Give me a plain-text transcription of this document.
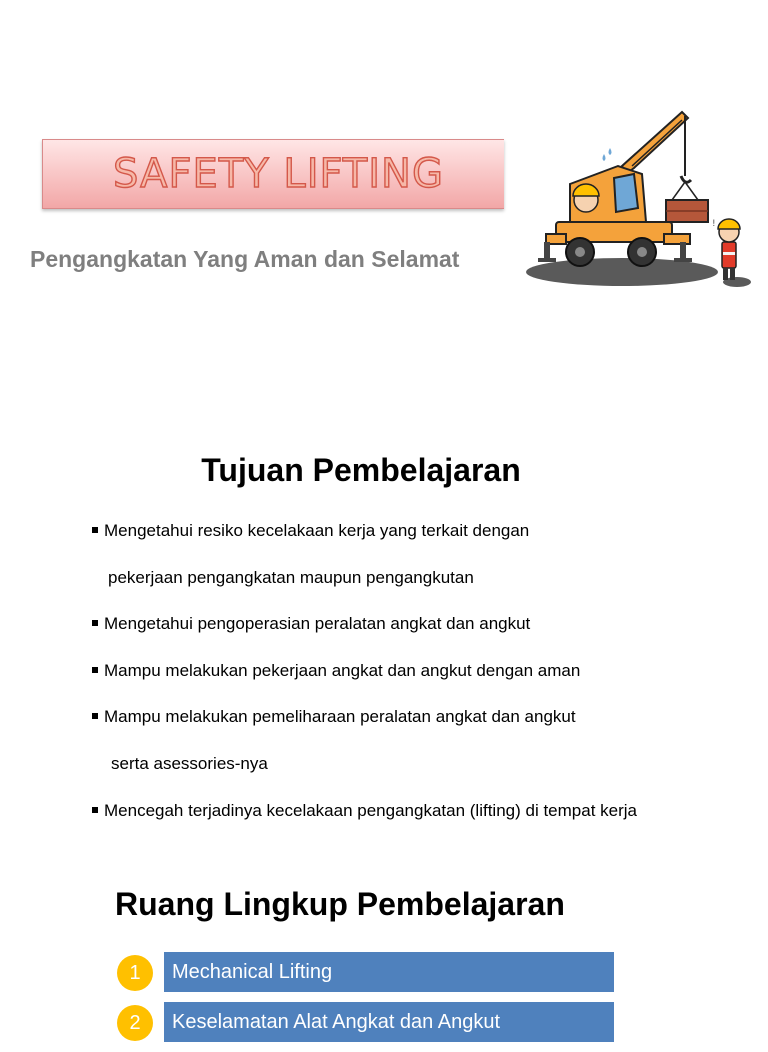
SAFETY LIFTING
Pengangkatan Yang Aman dan Selamat
!
Tujuan Pembelajaran
Mengetahui resiko kecelakaan kerja yang terkait dengan
pekerjaan pengangkatan maupun pengangkutan
Mengetahui pengoperasian peralatan angkat dan angkut
Mampu melakukan pekerjaan angkat dan angkut dengan aman
Mampu melakukan pemeliharaan peralatan angkat dan angkut
serta asessories-nya
Mencegah terjadinya kecelakaan pengangkatan (lifting) di tempat kerja
Ruang Lingkup Pembelajaran
1	Mechanical Lifting
2	Keselamatan Alat Angkat dan Angkut
